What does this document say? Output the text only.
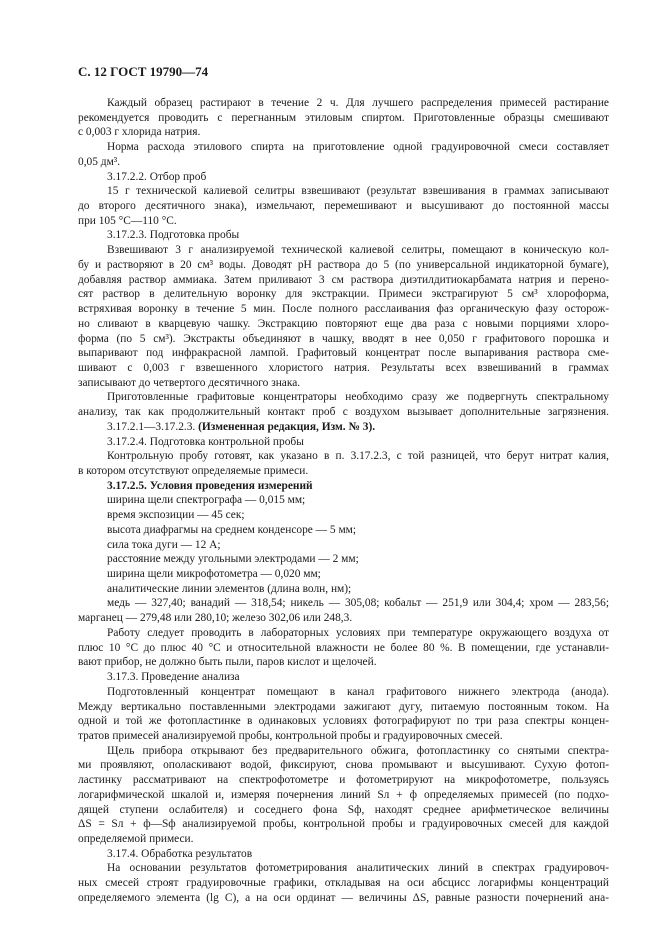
С. 12 ГОСТ 19790—74
Каждый образец растирают в течение 2 ч. Для лучшего распределения примесей растирание
рекомендуется проводить с перегнанным этиловым спиртом. Приготовленные образцы смешивают
с 0,003 г хлорида натрия.
Норма расхода этилового спирта на приготовление одной градуировочной смеси составляет
0,05 дм³.
3.17.2.2. Отбор проб
15 г технической калиевой селитры взвешивают (результат взвешивания в граммах записывают
до второго десятичного знака), измельчают, перемешивают и высушивают до постоянной массы
при 105 °С—110 °С.
3.17.2.3. Подготовка пробы
Взвешивают 3 г анализируемой технической калиевой селитры, помещают в коническую кол-
бу и растворяют в 20 см³ воды. Доводят рН раствора до 5 (по универсальной индикаторной бумаге),
добавляя раствор аммиака. Затем приливают 3 см раствора диэтилдитиокарбамата натрия и перено-
сят раствор в делительную воронку для экстракции. Примеси экстрагируют 5 см³ хлороформа,
встряхивая воронку в течение 5 мин. После полного расслаивания фаз органическую фазу осторож-
но сливают в кварцевую чашку. Экстракцию повторяют еще два раза с новыми порциями хлоро-
форма (по 5 см³). Экстракты объединяют в чашку, вводят в нее 0,050 г графитового порошка и
выпаривают под инфракрасной лампой. Графитовый концентрат после выпаривания раствора сме-
шивают с 0,003 г взвешенного хлористого натрия. Результаты всех взвешиваний в граммах
записывают до четвертого десятичного знака.
Приготовленные графитовые концентраторы необходимо сразу же подвергнуть спектральному
анализу, так как продолжительный контакт проб с воздухом вызывает дополнительные загрязнения.
3.17.2.1—3.17.2.3. (Измененная редакция, Изм. № 3).
3.17.2.4. Подготовка контрольной пробы
Контрольную пробу готовят, как указано в п. 3.17.2.3, с той разницей, что берут нитрат калия,
в котором отсутствуют определяемые примеси.
3.17.2.5. Условия проведения измерений
ширина щели спектрографа — 0,015 мм;
время экспозиции — 45 сек;
высота диафрагмы на среднем конденсоре — 5 мм;
сила тока дуги — 12 А;
расстояние между угольными электродами — 2 мм;
ширина щели микрофотометра — 0,020 мм;
аналитические линии элементов (длина волн, нм);
медь — 327,40; ванадий — 318,54; никель — 305,08; кобальт — 251,9 или 304,4; хром — 283,56;
марганец — 279,48 или 280,10; железо 302,06 или 248,3.
Работу следует проводить в лабораторных условиях при температуре окружающего воздуха от
плюс 10 °С до плюс 40 °С и относительной влажности не более 80 %. В помещении, где устанавли-
вают прибор, не должно быть пыли, паров кислот и щелочей.
3.17.3. Проведение анализа
Подготовленный концентрат помещают в канал графитового нижнего электрода (анода).
Между вертикально поставленными электродами зажигают дугу, питаемую постоянным током. На
одной и той же фотопластинке в одинаковых условиях фотографируют по три раза спектры концен-
тратов примесей анализируемой пробы, контрольной пробы и градуировочных смесей.
Щель прибора открывают без предварительного обжига, фотопластинку со снятыми спектра-
ми проявляют, ополаскивают водой, фиксируют, снова промывают и высушивают. Сухую фотоп-
ластинку рассматривают на спектрофотометре и фотометрируют на микрофотометре, пользуясь
логарифмической шкалой и, измеряя почернения линий Sл + ф определяемых примесей (по подхо-
дящей ступени ослабителя) и соседнего фона Sф, находят среднее арифметическое величины
ΔS = Sл + ф—Sф анализируемой пробы, контрольной пробы и градуировочных смесей для каждой
определяемой примеси.
3.17.4. Обработка результатов
На основании результатов фотометрирования аналитических линий в спектрах градуировоч-
ных смесей строят градуировочные графики, откладывая на оси абсцисс логарифмы концентраций
определяемого элемента (lg C), а на оси ординат — величины ΔS, равные разности почернений ана-
